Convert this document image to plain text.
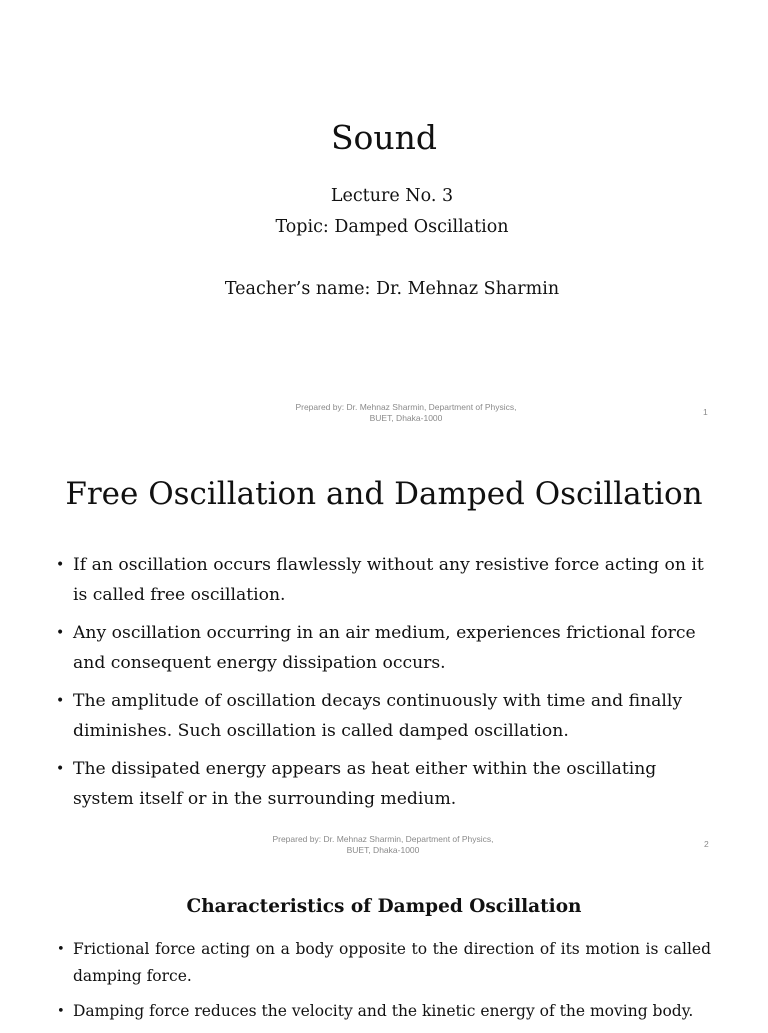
Sound
Lecture No. 3
Topic: Damped Oscillation
Teacher’s name: Dr. Mehnaz Sharmin
Prepared by: Dr. Mehnaz Sharmin, Department of Physics,
BUET, Dhaka-1000
1
Free Oscillation and Damped Oscillation
• If an oscillation occurs flawlessly without any resistive force acting on it is called free oscillation.
• Any oscillation occurring in an air medium, experiences frictional force and consequent energy dissipation occurs.
• The amplitude of oscillation decays continuously with time and finally diminishes. Such oscillation is called damped oscillation.
• The dissipated energy appears as heat either within the oscillating system itself or in the surrounding medium.
Prepared by: Dr. Mehnaz Sharmin, Department of Physics,
BUET, Dhaka-1000
2
Characteristics of Damped Oscillation
• Frictional force acting on a body opposite to the direction of its motion is called damping force.
• Damping force reduces the velocity and the kinetic energy of the moving body.
